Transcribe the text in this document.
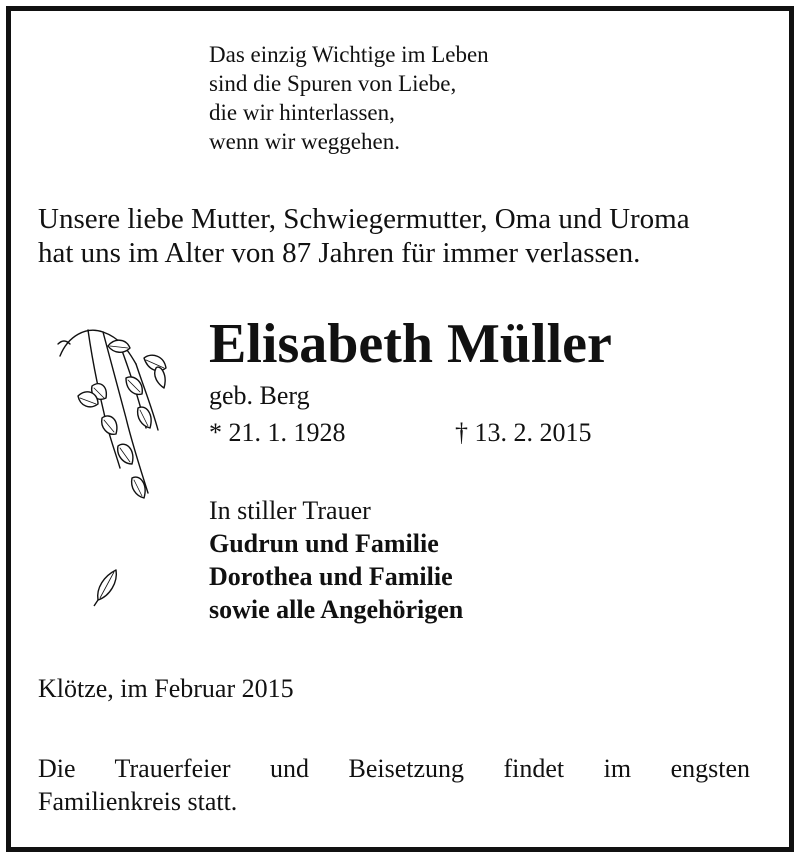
Das einzig Wichtige im Leben
sind die Spuren von Liebe,
die wir hinterlassen,
wenn wir weggehen.
Unsere liebe Mutter, Schwiegermutter, Oma und Uroma
hat uns im Alter von 87 Jahren für immer verlassen.
Elisabeth Müller
geb. Berg
* 21. 1. 1928	† 13. 2. 2015
In stiller Trauer
Gudrun und Familie
Dorothea und Familie
sowie alle Angehörigen
Klötze, im Februar 2015
Die Trauerfeier und Beisetzung findet im engsten
Familienkreis statt.
